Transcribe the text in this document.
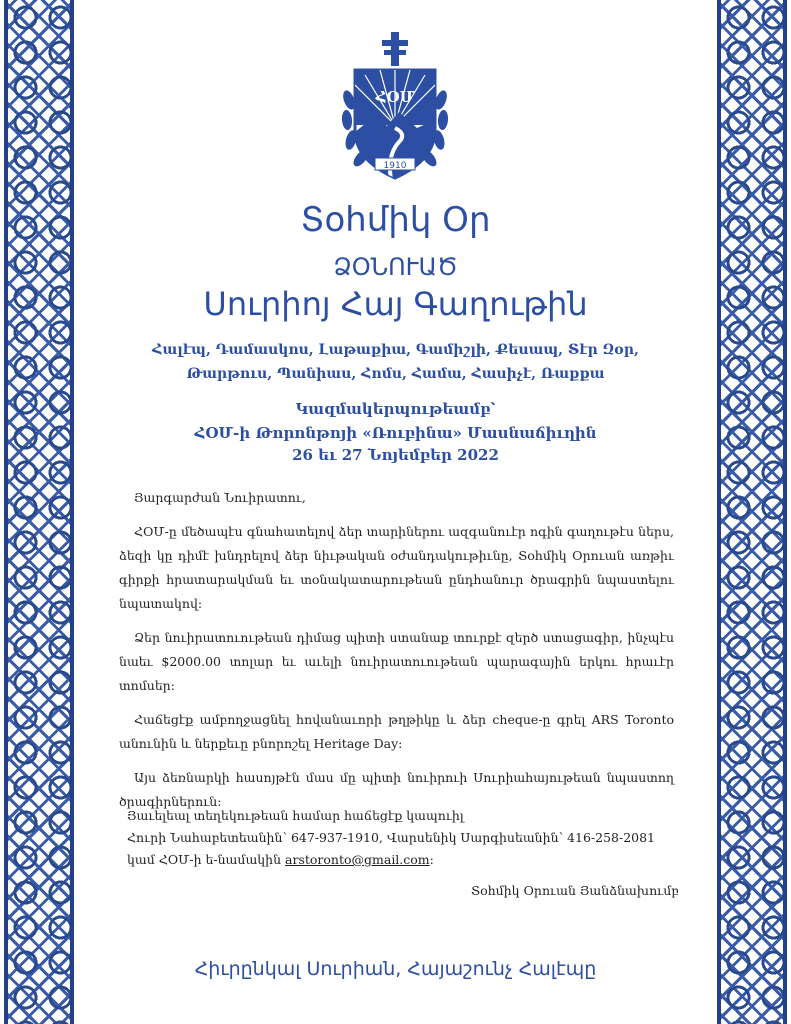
ՀՕՄ
1910
Տօհմիկ Օր
ՁՕՆՈՒԱԾ
Սուրիոյ Հայ Գաղութին
Հալէպ, Դամասկոս, Լաթաքիա, Գամիշլի, Քեսապ, Տէր Զօր,
Թարթուս, Պանիաս, Հոմս, Համա, Հասիչէ, Ռաքքա
Կազմակերպութեամբ՝
ՀՕՄ-ի Թորոնթոյի «Ռուբինա» Մասնաճիւղին
26 եւ 27 Նոյեմբեր 2022

Յարգարժան Նուիրատու,

ՀՕՄ-ը մեծապէս գնահատելով ձեր տարիներու ազգանուէր ոգին գաղութէս ներս, ձեզի կը դիմէ խնդրելով ձեր նիւթական օժանդակութիւնը, Տօհմիկ Օրուան առթիւ գիրքի հրատարակման եւ տօնակատարութեան ընդհանուր ծրագրին նպաստելու նպատակով:

Ձեր նուիրատուութեան դիմաց պիտի ստանաք տուրքէ զերծ ստացագիր, ինչպէս նաեւ $2000.00 տոլար եւ աւելի նուիրատուութեան պարագային երկու հրաւէր տոմսեր:

Հաճեցէք ամբողջացնել հովանաւորի թղթիկը և ձեր cheque-ը գրել ARS Toronto անունին և ներքեւը բնորոշել Heritage Day:

Այս ձեռնարկի հասոյթէն մաս մը պիտի նուիրուի Սուրիահայութեան նպաստող ծրագիրներուն:

Յաւելեալ տեղեկութեան համար հաճեցէք կապուիլ
Հուրի Նահաբետեանին՝ 647-937-1910, Վարսենիկ Սարգիսեանին՝ 416-258-2081
կամ ՀՕՄ-ի ե-նամակին arstoronto@gmail.com:
Տօհմիկ Օրուան Յանձնախումբ
Հիւրընկալ Սուրիան, Հայաշունչ Հալէպը
